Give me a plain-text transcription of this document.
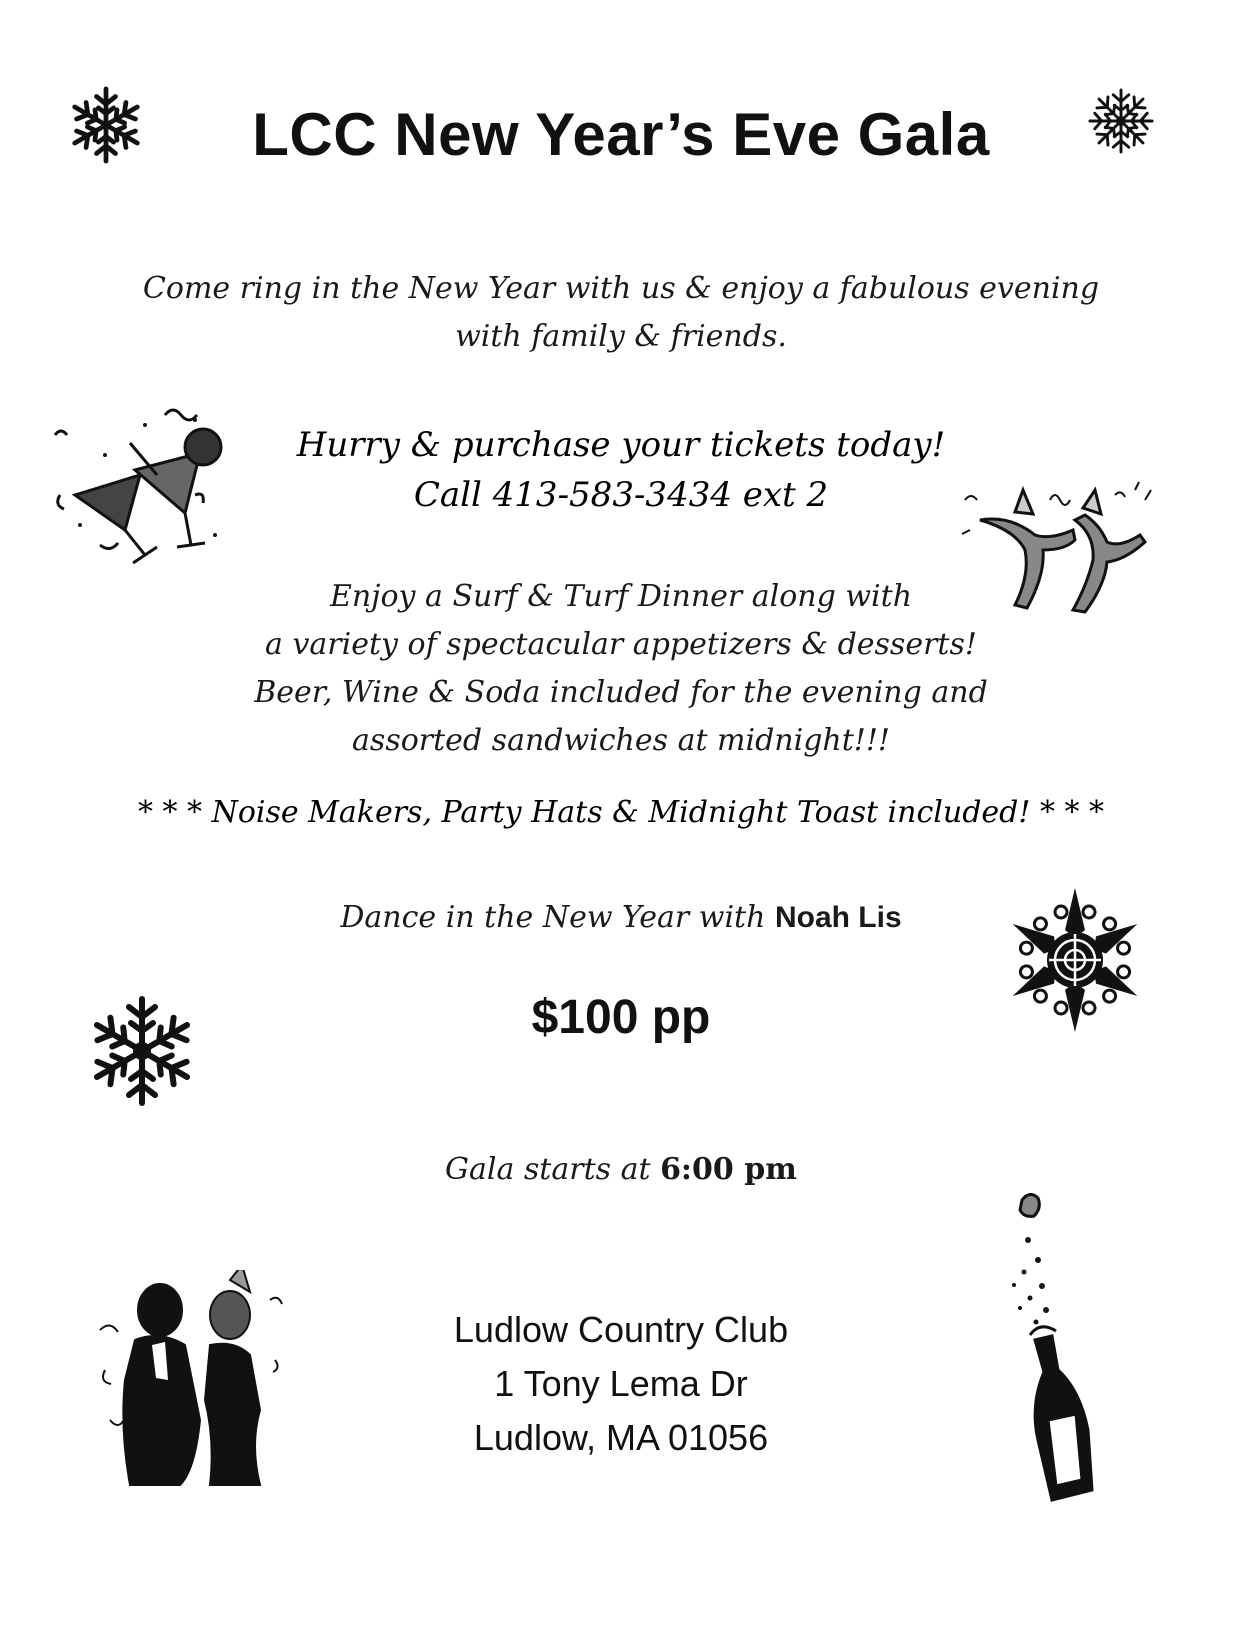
LCC New Year’s Eve Gala
Come ring in the New Year with us & enjoy a fabulous evening
with family & friends.
Hurry & purchase your tickets today!
Call 413-583-3434 ext 2
Enjoy a Surf & Turf Dinner along with
a variety of spectacular appetizers & desserts!
Beer, Wine & Soda included for the evening and
assorted sandwiches at midnight!!!
* * * Noise Makers, Party Hats & Midnight Toast included! * * *
Dance in the New Year with Noah Lis
$100 pp
Gala starts at 6:00 pm
Ludlow Country Club
1 Tony Lema Dr
Ludlow, MA 01056
